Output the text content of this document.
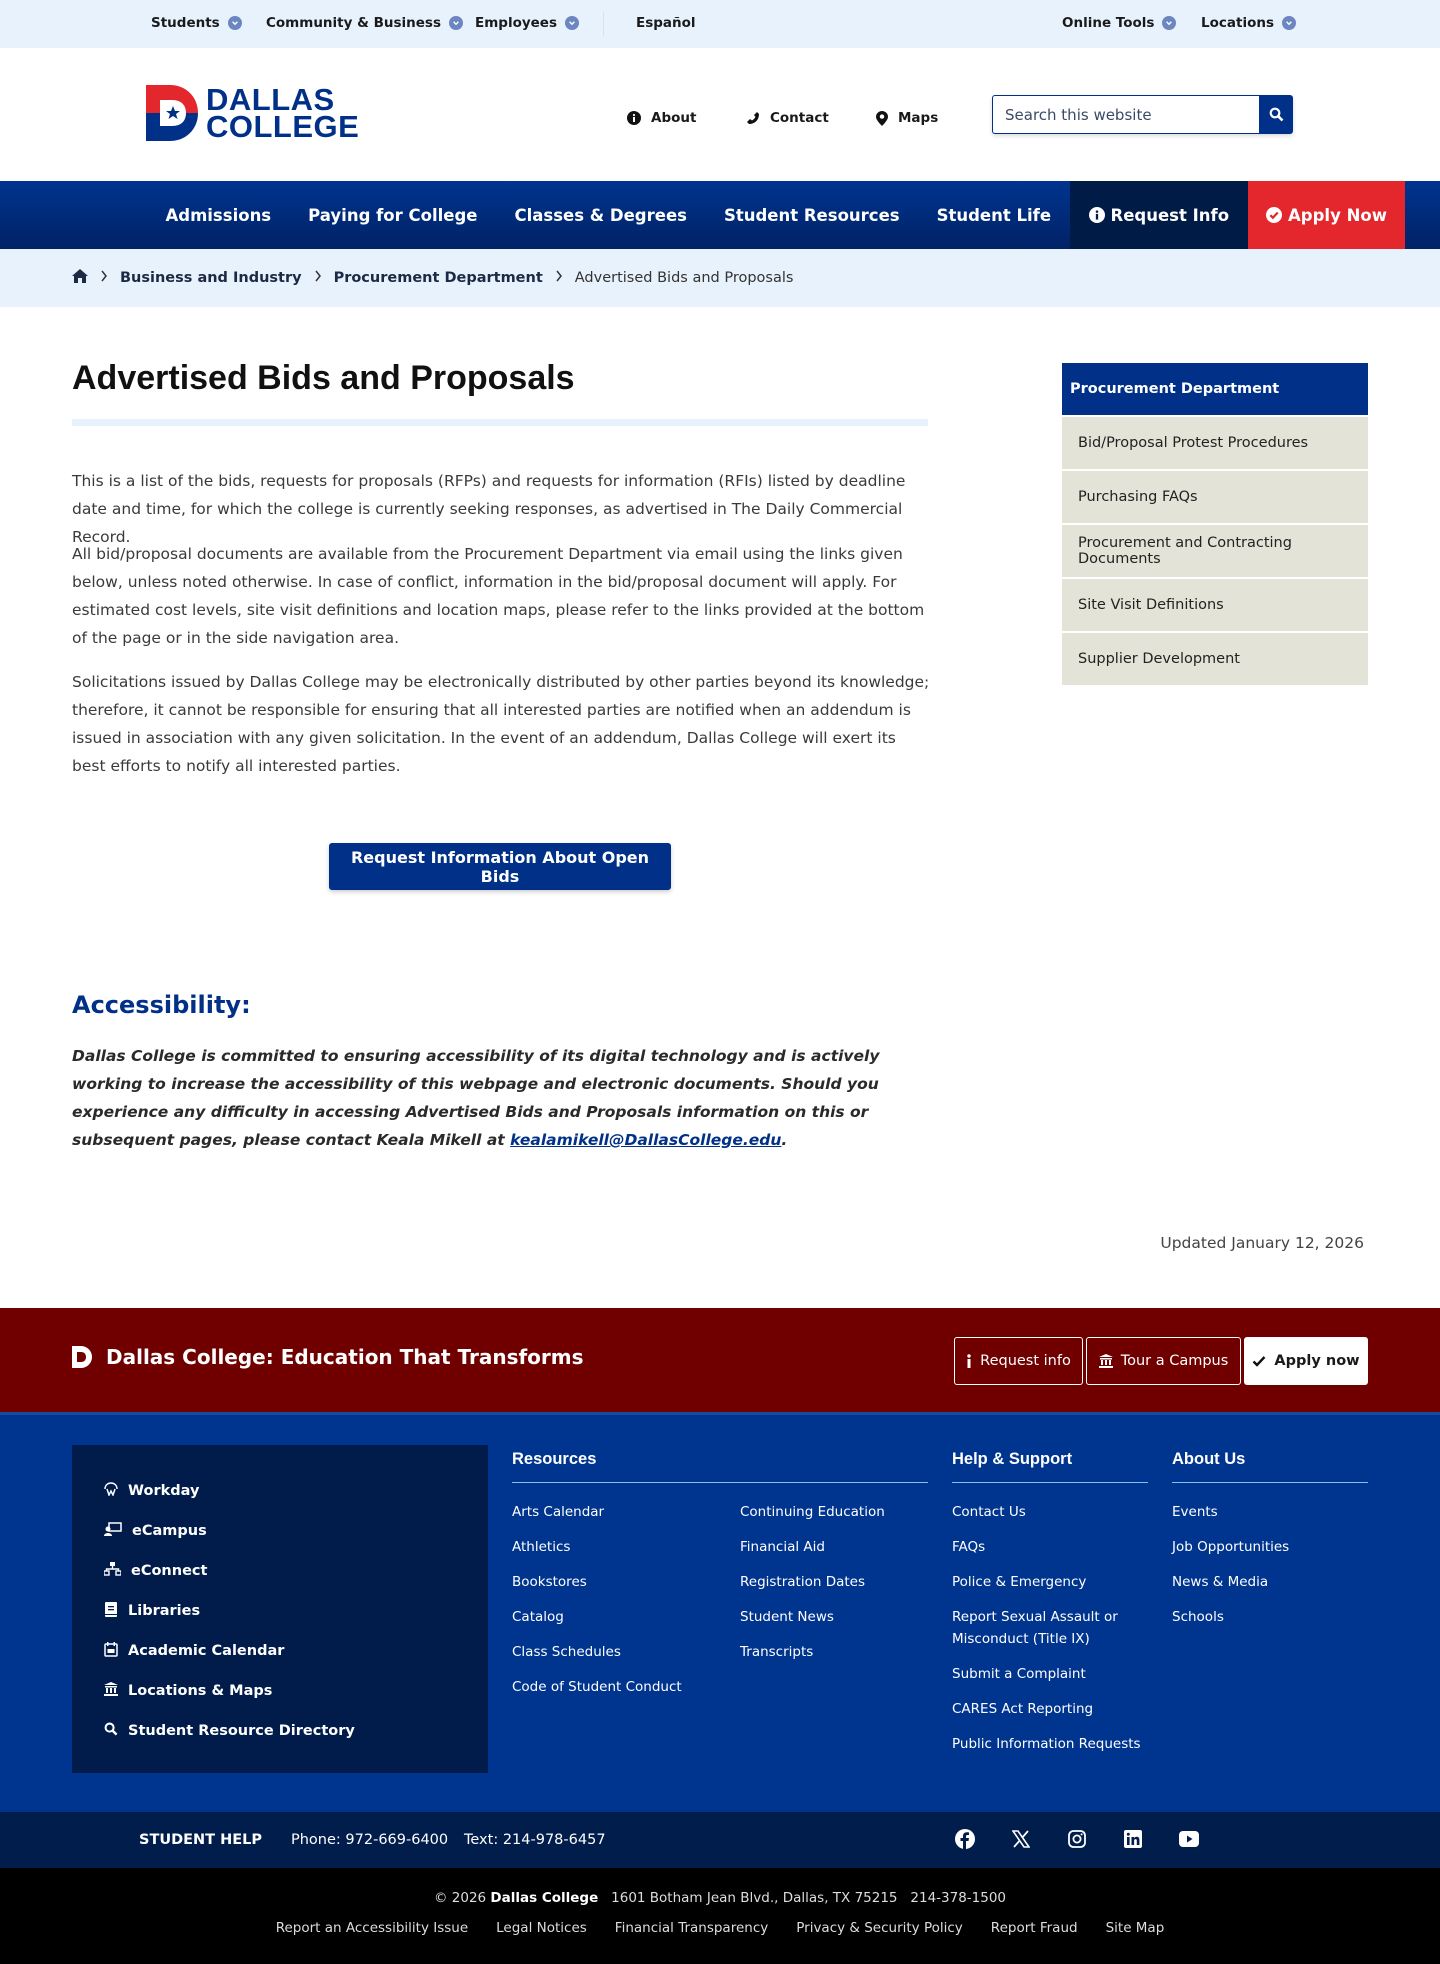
Students	Community & Business	Employees	Español	Online Tools	Locations
DALLAS
COLLEGE	About	Contact	Maps
Search this website
Admissions	Paying for College	Classes & Degrees	Student Resources	Student Life	Request Info	Apply Now
Business and Industry Procurement Department Advertised Bids and Proposals
Advertised Bids and Proposals

This is a list of the bids, requests for proposals (RFPs) and requests for information (RFIs) listed by deadline date and time, for which the college is currently seeking responses, as advertised in The Daily Commercial Record.

All bid/proposal documents are available from the Procurement Department via email using the links given below, unless noted otherwise. In case of conflict, information in the bid/proposal document will apply. For estimated cost levels, site visit definitions and location maps, please refer to the links provided at the bottom of the page or in the side navigation area.

Solicitations issued by Dallas College may be electronically distributed by other parties beyond its knowledge; therefore, it cannot be responsible for ensuring that all interested parties are notified when an addendum is issued in association with any given solicitation. In the event of an addendum, Dallas College will exert its best efforts to notify all interested parties.

Request Information About Open Bids
Accessibility:

Dallas College is committed to ensuring accessibility of its digital technology and is actively working to increase the accessibility of this webpage and electronic documents. Should you experience any difficulty in accessing Advertised Bids and Proposals information on this or subsequent pages, please contact Keala Mikell at kealamikell@DallasCollege.edu.

Updated January 12, 2026
Procurement Department
Bid/Proposal Protest Procedures
Purchasing FAQs
Procurement and Contracting Documents
Site Visit Definitions
Supplier Development
Dallas College: Education That Transforms	Request info	Tour a Campus	Apply now
Workday
eCampus
eConnect
Libraries
Academic Calendar
Locations & Maps
Student Resource Directory
Resources
Arts Calendar
Athletics
Bookstores
Catalog
Class Schedules
Code of Student Conduct
Continuing Education
Financial Aid
Registration Dates
Student News
Transcripts
Help & Support
Contact Us
FAQs
Police & Emergency
Report Sexual Assault or Misconduct (Title IX)
Submit a Complaint
CARES Act Reporting
Public Information Requests
About Us
Events
Job Opportunities
News & Media
Schools
STUDENT HELP Phone: 972-669-6400 Text: 214-978-6457
© 2026 Dallas College 1601 Botham Jean Blvd., Dallas, TX 75215 214-378-1500
Report an Accessibility Issue Legal Notices Financial Transparency Privacy & Security Policy Report Fraud Site Map
